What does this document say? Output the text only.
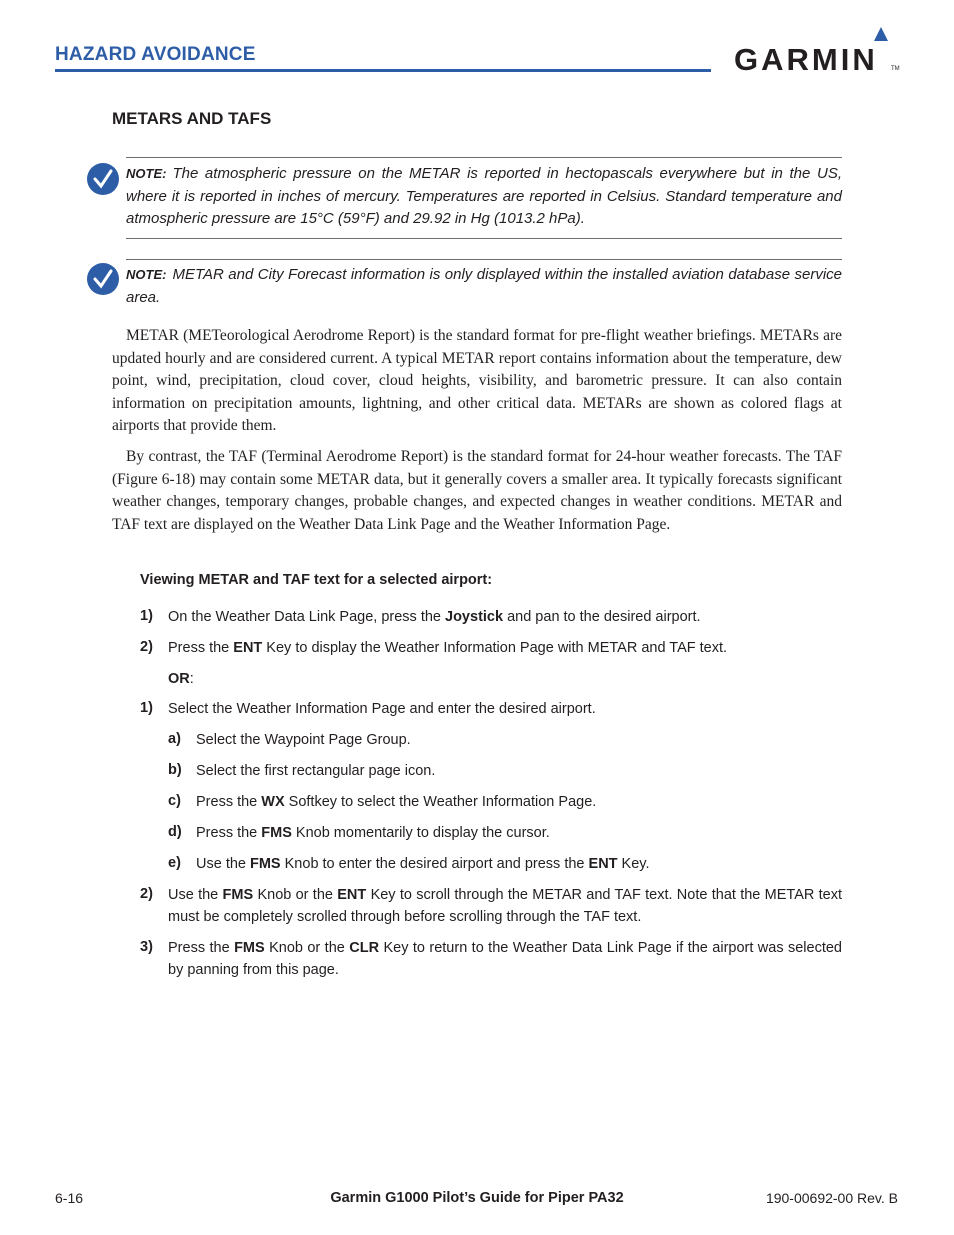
HAZARD AVOIDANCE	GARMIN TM
METARS AND TAFS
NOTE: The atmospheric pressure on the METAR is reported in hectopascals everywhere but in the US, where it is reported in inches of mercury. Temperatures are reported in Celsius. Standard temperature and atmospheric pressure are 15°C (59°F) and 29.92 in Hg (1013.2 hPa).
NOTE: METAR and City Forecast information is only displayed within the installed aviation database service area.
METAR (METeorological Aerodrome Report) is the standard format for pre-flight weather briefings. METARs are updated hourly and are considered current. A typical METAR report contains information about the temperature, dew point, wind, precipitation, cloud cover, cloud heights, visibility, and barometric pressure. It can also contain information on precipitation amounts, lightning, and other critical data. METARs are shown as colored flags at airports that provide them.
By contrast, the TAF (Terminal Aerodrome Report) is the standard format for 24-hour weather forecasts. The TAF (Figure 6-18) may contain some METAR data, but it generally covers a smaller area. It typically forecasts significant weather changes, temporary changes, probable changes, and expected changes in weather conditions. METAR and TAF text are displayed on the Weather Data Link Page and the Weather Information Page.
Viewing METAR and TAF text for a selected airport:
1) On the Weather Data Link Page, press the Joystick and pan to the desired airport.
2) Press the ENT Key to display the Weather Information Page with METAR and TAF text.
OR:
1) Select the Weather Information Page and enter the desired airport.
a) Select the Waypoint Page Group.
b) Select the first rectangular page icon.
c) Press the WX Softkey to select the Weather Information Page.
d) Press the FMS Knob momentarily to display the cursor.
e) Use the FMS Knob to enter the desired airport and press the ENT Key.
2) Use the FMS Knob or the ENT Key to scroll through the METAR and TAF text. Note that the METAR text must be completely scrolled through before scrolling through the TAF text.
3) Press the FMS Knob or the CLR Key to return to the Weather Data Link Page if the airport was selected by panning from this page.
6-16	Garmin G1000 Pilot’s Guide for Piper PA32	190-00692-00 Rev. B
